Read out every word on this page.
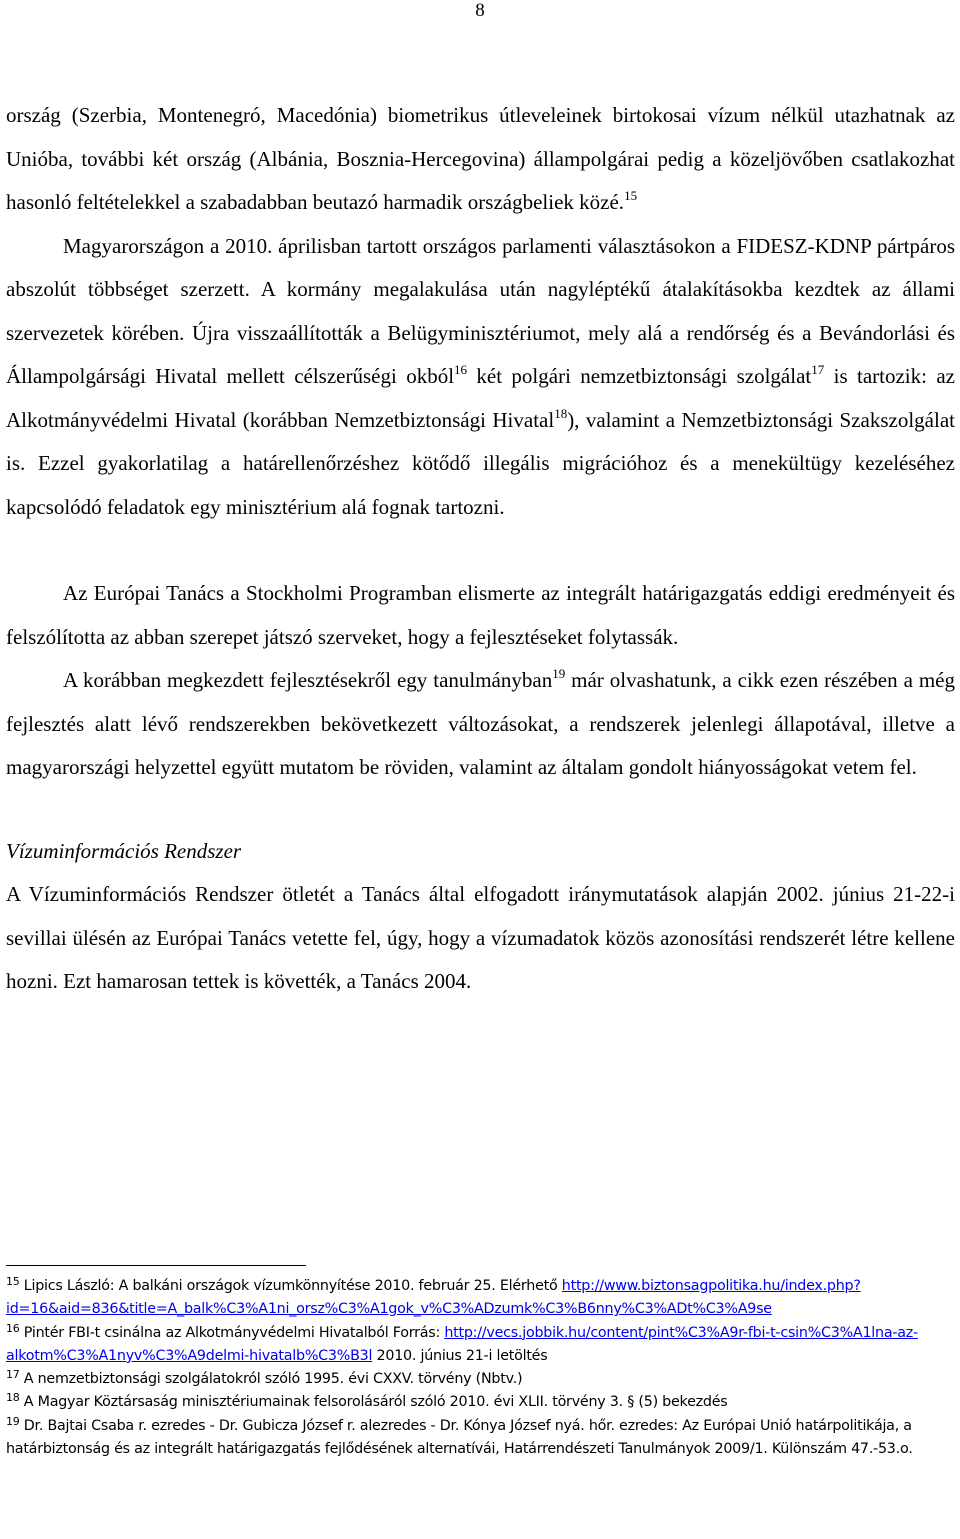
8

ország (Szerbia, Montenegró, Macedónia) biometrikus útleveleinek birtokosai vízum nélkül utazhatnak az Unióba, további két ország (Albánia, Bosznia-Hercegovina) állampolgárai pedig a közeljövőben csatlakozhat hasonló feltételekkel a szabadabban beutazó harmadik országbeliek közé.$^{15}$

Magyarországon a 2010. áprilisban tartott országos parlamenti választásokon a FIDESZ-KDNP pártpáros abszolút többséget szerzett. A kormány megalakulása után nagyléptékű átalakításokba kezdtek az állami szervezetek körében. Újra visszaállították a Belügyminisztériumot, mely alá a rendőrség és a Bevándorlási és Állampolgársági Hivatal mellett célszerűségi okból$^{16}$ két polgári nemzetbiztonsági szolgálat$^{17}$ is tartozik: az Alkotmányvédelmi Hivatal (korábban Nemzetbiztonsági Hivatal$^{18}$), valamint a Nemzetbiztonsági Szakszolgálat is. Ezzel gyakorlatilag a határellenőrzéshez kötődő illegális migrációhoz és a menekültügy kezeléséhez kapcsolódó feladatok egy minisztérium alá fognak tartozni.

Az Európai Tanács a Stockholmi Programban elismerte az integrált határigazgatás eddigi eredményeit és felszólította az abban szerepet játszó szerveket, hogy a fejlesztéseket folytassák.

A korábban megkezdett fejlesztésekről egy tanulmányban$^{19}$ már olvashatunk, a cikk ezen részében a még fejlesztés alatt lévő rendszerekben bekövetkezett változásokat, a rendszerek jelenlegi állapotával, illetve a magyarországi helyzettel együtt mutatom be röviden, valamint az általam gondolt hiányosságokat vetem fel.

Vízuminformációs Rendszer

A Vízuminformációs Rendszer ötletét a Tanács által elfogadott iránymutatások alapján 2002. június 21-22-i sevillai ülésén az Európai Tanács vetette fel, úgy, hogy a vízumadatok közös azonosítási rendszerét létre kellene hozni. Ezt hamarosan tettek is követték, a Tanács 2004.

$^{15}$ Lipics László: A balkáni országok vízumkönnyítése 2010. február 25. Elérhető http://www.biztonsagpolitika.hu/index.php?id=16&aid=836&title=A_balk%C3%A1ni_orsz%C3%A1gok_v%C3%ADzumk%C3%B6nny%C3%ADt%C3%A9se

$^{16}$ Pintér FBI-t csinálna az Alkotmányvédelmi Hivatalból Forrás: http://vecs.jobbik.hu/content/pint%C3%A9r-fbi-t-csin%C3%A1lna-az-alkotm%C3%A1nyv%C3%A9delmi-hivatalb%C3%B3l 2010. június 21-i letöltés

$^{17}$ A nemzetbiztonsági szolgálatokról szóló 1995. évi CXXV. törvény (Nbtv.)

$^{18}$ A Magyar Köztársaság minisztériumainak felsorolásáról szóló 2010. évi XLII. törvény 3. § (5) bekezdés

$^{19}$ Dr. Bajtai Csaba r. ezredes - Dr. Gubicza József r. alezredes - Dr. Kónya József nyá. hőr. ezredes: Az Európai Unió határpolitikája, a határbiztonság és az integrált határigazgatás fejlődésének alternatívái, Határrendészeti Tanulmányok 2009/1. Különszám 47.-53.o.
